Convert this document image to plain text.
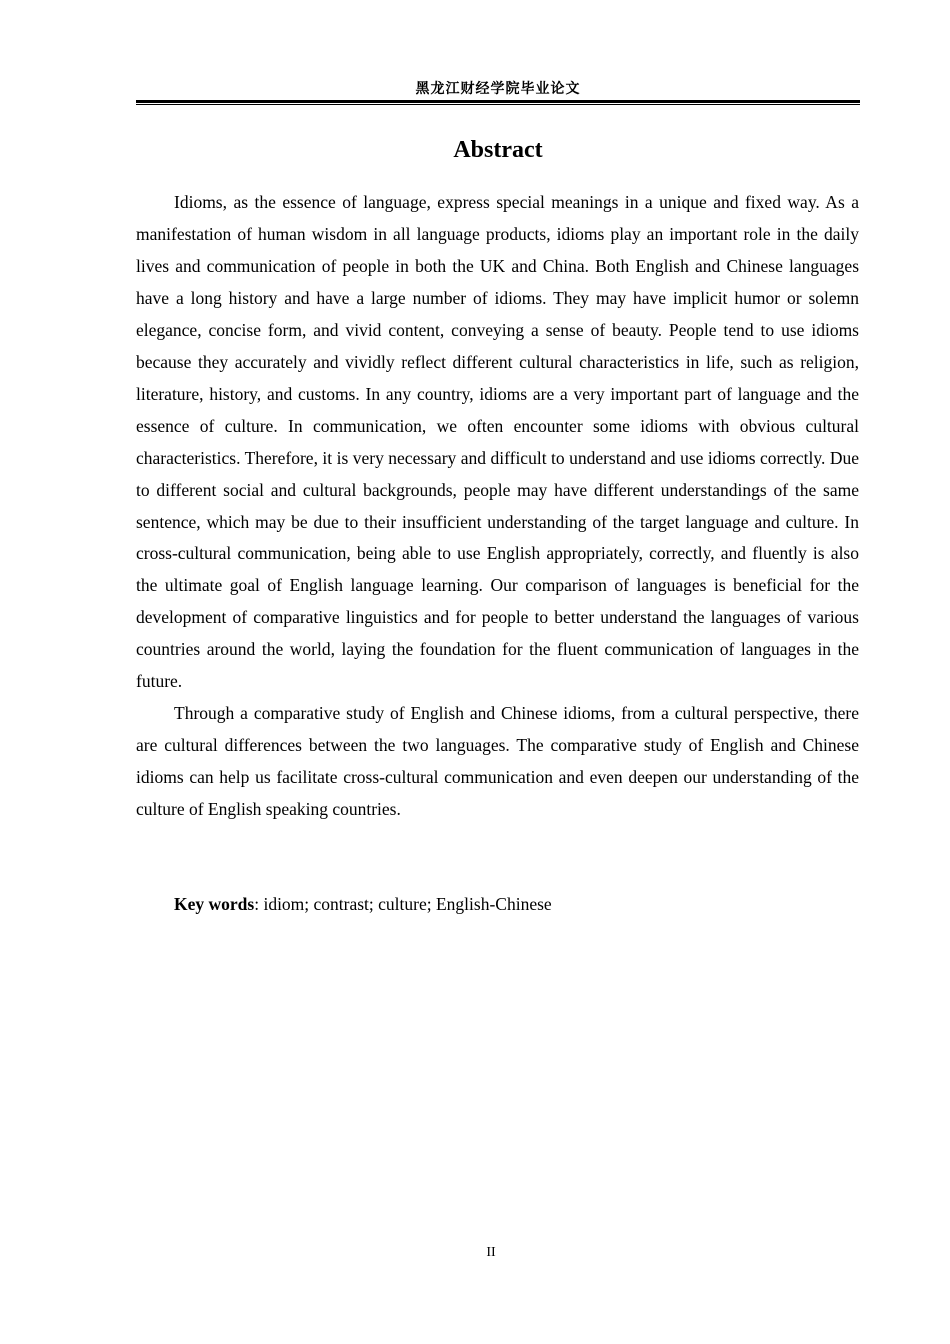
黑龙江财经学院毕业论文
Abstract

Idioms, as the essence of language, express special meanings in a unique and fixed way. As a manifestation of human wisdom in all language products, idioms play an important role in the daily lives and communication of people in both the UK and China. Both English and Chinese languages have a long history and have a large number of idioms. They may have implicit humor or solemn elegance, concise form, and vivid content, conveying a sense of beauty. People tend to use idioms because they accurately and vividly reflect different cultural characteristics in life, such as religion, literature, history, and customs. In any country, idioms are a very important part of language and the essence of culture. In communication, we often encounter some idioms with obvious cultural characteristics. Therefore, it is very necessary and difficult to understand and use idioms correctly. Due to different social and cultural backgrounds, people may have different understandings of the same sentence, which may be due to their insufficient understanding of the target language and culture. In cross-cultural communication, being able to use English appropriately, correctly, and fluently is also the ultimate goal of English language learning. Our comparison of languages is beneficial for the development of comparative linguistics and for people to better understand the languages of various countries around the world, laying the foundation for the fluent communication of languages in the future.

Through a comparative study of English and Chinese idioms, from a cultural perspective, there are cultural differences between the two languages. The comparative study of English and Chinese idioms can help us facilitate cross-cultural communication and even deepen our understanding of the culture of English speaking countries.

Key words: idiom; contrast; culture; English-Chinese
II
